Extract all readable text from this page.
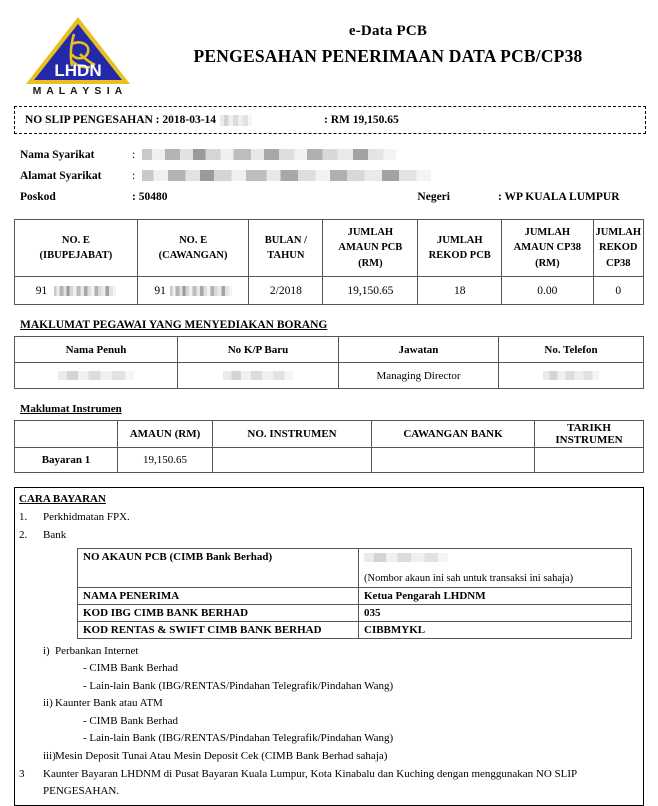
LHDN
M A L A Y S I A
e-Data PCB
PENGESAHAN PENERIMAAN DATA PCB/CP38
NO SLIP PENGESAHAN : 2018-03-14	: RM 19,150.65
Nama Syarikat	:
Alamat Syarikat	:
Poskod	: 50480	Negeri	: WP KUALA LUMPUR
NO. E
(IBUPEJABAT)

NO. E
(CAWANGAN)

BULAN /
TAHUN

JUMLAH
AMAUN PCB
(RM)

JUMLAH
REKOD PCB

JUMLAH
AMAUN CP38
(RM)

JUMLAH
REKOD CP38

91	91	2/2018	19,150.65	18	0.00	0
MAKLUMAT PEGAWAI YANG MENYEDIAKAN BORANG
Nama Penuh	No K/P Baru	Jawatan	No. Telefon
		Managing Director	
Maklumat Instrumen
	AMAUN (RM)	NO. INSTRUMEN	CAWANGAN BANK	TARIKH INSTRUMEN
Bayaran 1	19,150.65			
CARA BAYARAN
1.	Perkhidmatan FPX.
2.	Bank
NO AKAUN PCB (CIMB Bank Berhad)	(Nombor akaun ini sah untuk transaksi ini sahaja)

NAMA PENERIMA	Ketua Pengarah LHDNM
KOD IBG CIMB BANK BERHAD	035
KOD RENTAS & SWIFT CIMB BANK BERHAD	CIBBMYKL
i) Perbankan Internet
- CIMB Bank Berhad
- Lain-lain Bank (IBG/RENTAS/Pindahan Telegrafik/Pindahan Wang)
ii) Kaunter Bank atau ATM
- CIMB Bank Berhad
- Lain-lain Bank (IBG/RENTAS/Pindahan Telegrafik/Pindahan Wang)
iii) Mesin Deposit Tunai Atau Mesin Deposit Cek (CIMB Bank Berhad sahaja)
3	Kaunter Bayaran LHDNM di Pusat Bayaran Kuala Lumpur, Kota Kinabalu dan Kuching dengan menggunakan NO SLIP PENGESAHAN.
